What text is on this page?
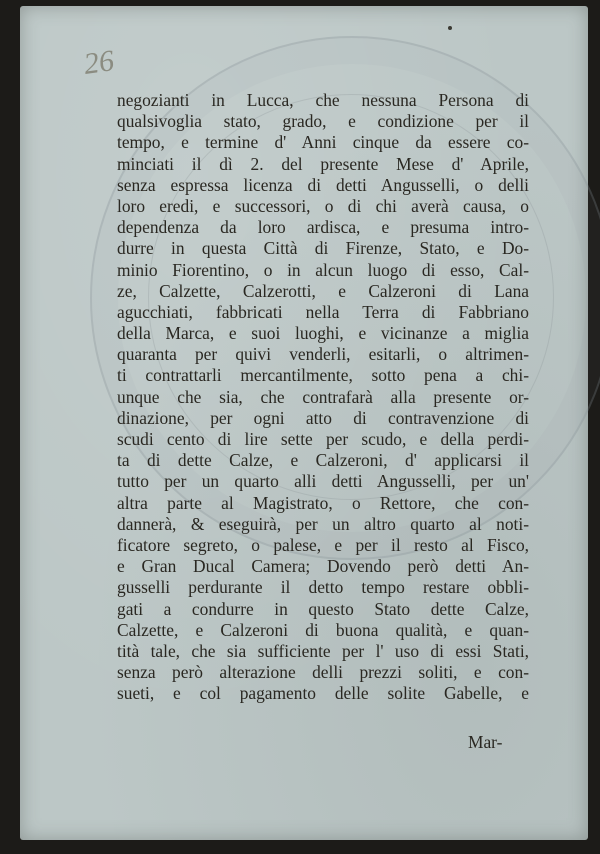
26

negozianti in Lucca, che nessuna Persona di
qualsivoglia stato, grado, e condizione per il
tempo, e termine d' Anni cinque da essere co-
minciati il dì 2. del presente Mese d' Aprile,
senza espressa licenza di detti Angusselli, o delli
loro eredi, e successori, o di chi averà causa, o
dependenza da loro ardisca, e presuma intro-
durre in questa Città di Firenze, Stato, e Do-
minio Fiorentino, o in alcun luogo di esso, Cal-
ze, Calzette, Calzerotti, e Calzeroni di Lana
agucchiati, fabbricati nella Terra di Fabbriano
della Marca, e suoi luoghi, e vicinanze a miglia
quaranta per quivi venderli, esitarli, o altrimen-
ti contrattarli mercantilmente, sotto pena a chi-
unque che sia, che contrafarà alla presente or-
dinazione, per ogni atto di contravenzione di
scudi cento di lire sette per scudo, e della perdi-
ta di dette Calze, e Calzeroni, d' applicarsi il
tutto per un quarto alli detti Angusselli, per un'
altra parte al Magistrato, o Rettore, che con-
dannerà, & eseguirà, per un altro quarto al noti-
ficatore segreto, o palese, e per il resto al Fisco,
e Gran Ducal Camera; Dovendo però detti An-
gusselli perdurante il detto tempo restare obbli-
gati a condurre in questo Stato dette Calze,
Calzette, e Calzeroni di buona qualità, e quan-
tità tale, che sia sufficiente per l' uso di essi Stati,
senza però alterazione delli prezzi soliti, e con-
sueti, e col pagamento delle solite Gabelle, e

Mar-
